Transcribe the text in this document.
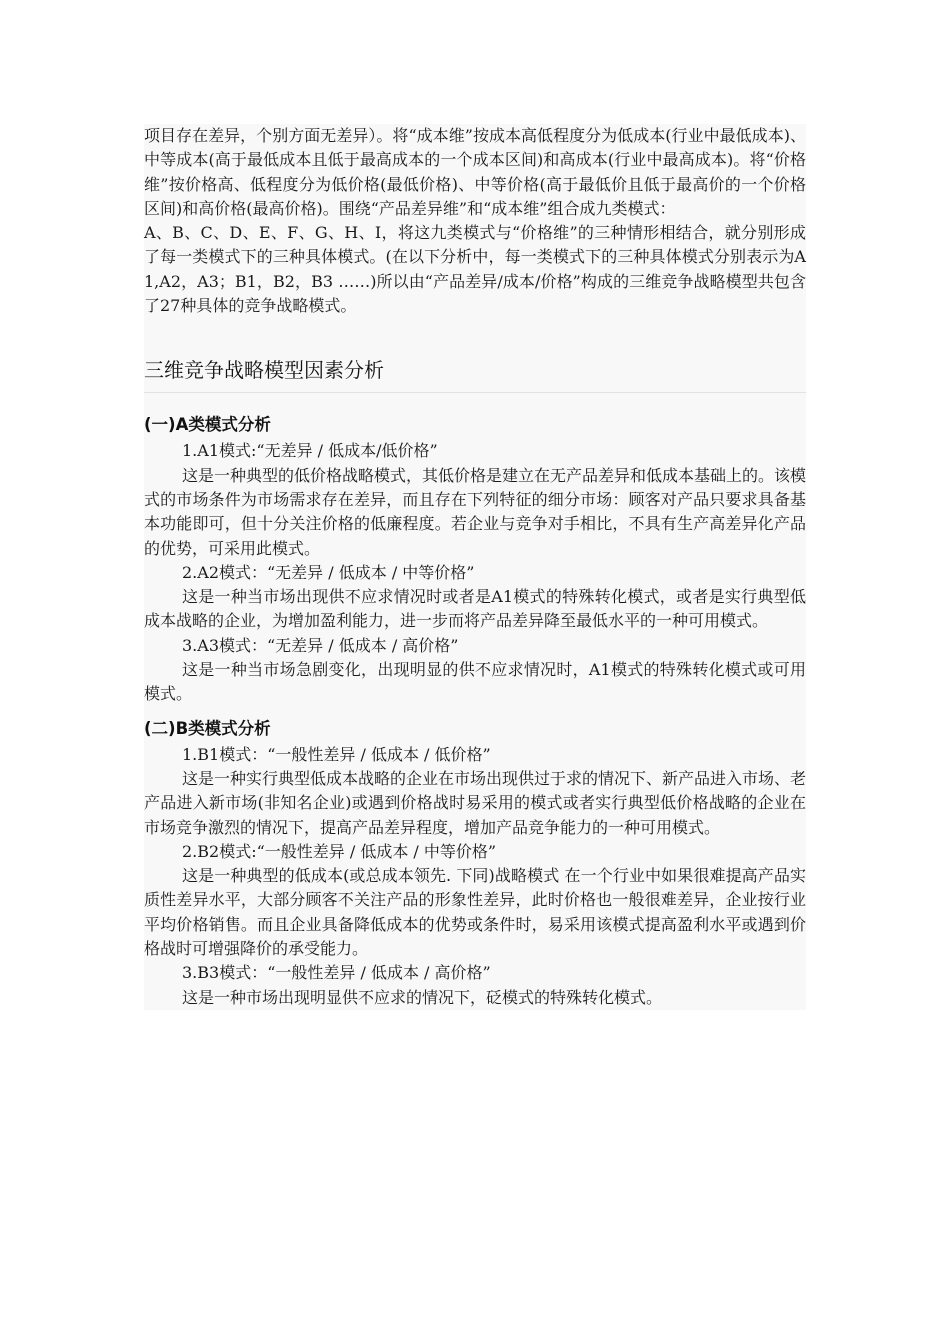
项目存在差异，个别方面无差异）。将“成本维”按成本高低程度分为低成本(行业中最低成本)、中等成本(高于最低成本且低于最高成本的一个成本区间)和高成本(行业中最高成本)。将“价格维”按价格高、低程度分为低价格(最低价格)、中等价格(高于最低价且低于最高价的一个价格区间)和高价格(最高价格)。围绕“产品差异维”和“成本维”组合成九类模式：

A、B、C、D、E、F、G、H、I，将这九类模式与“价格维”的三种情形相结合，就分别形成了每一类模式下的三种具体模式。(在以下分析中，每一类模式下的三种具体模式分别表示为A1,A2，A3；B1，B2，B3 ……)所以由“产品差异/成本/价格”构成的三维竞争战略模型共包含了27种具体的竞争战略模式。

三维竞争战略模型因素分析
(一)A类模式分析

1.A1模式:“无差异 / 低成本/低价格”

这是一种典型的低价格战略模式，其低价格是建立在无产品差异和低成本基础上的。该模式的市场条件为市场需求存在差异，而且存在下列特征的细分市场：顾客对产品只要求具备基本功能即可，但十分关注价格的低廉程度。若企业与竞争对手相比，不具有生产高差异化产品的优势，可采用此模式。

2.A2模式：“无差异 / 低成本 / 中等价格”

这是一种当市场出现供不应求情况时或者是A1模式的特殊转化模式，或者是实行典型低成本战略的企业，为增加盈利能力，进一步而将产品差异降至最低水平的一种可用模式。

3.A3模式：“无差异 / 低成本 / 高价格”

这是一种当市场急剧变化，出现明显的供不应求情况时，A1模式的特殊转化模式或可用模式。

(二)B类模式分析

1.B1模式：“一般性差异 / 低成本 / 低价格”

这是一种实行典型低成本战略的企业在市场出现供过于求的情况下、新产品进入市场、老产品进入新市场(非知名企业)或遇到价格战时易采用的模式或者实行典型低价格战略的企业在市场竞争激烈的情况下，提高产品差异程度，增加产品竞争能力的一种可用模式。

2.B2模式:“一般性差异 / 低成本 / 中等价格”

这是一种典型的低成本(或总成本领先. 下同)战略模式 在一个行业中如果很难提高产品实质性差异水平，大部分顾客不关注产品的形象性差异，此时价格也一般很难差异，企业按行业平均价格销售。而且企业具备降低成本的优势或条件时，易采用该模式提高盈利水平或遇到价格战时可增强降价的承受能力。

3.B3模式：“一般性差异 / 低成本 / 高价格”

这是一种市场出现明显供不应求的情况下，砭模式的特殊转化模式。
